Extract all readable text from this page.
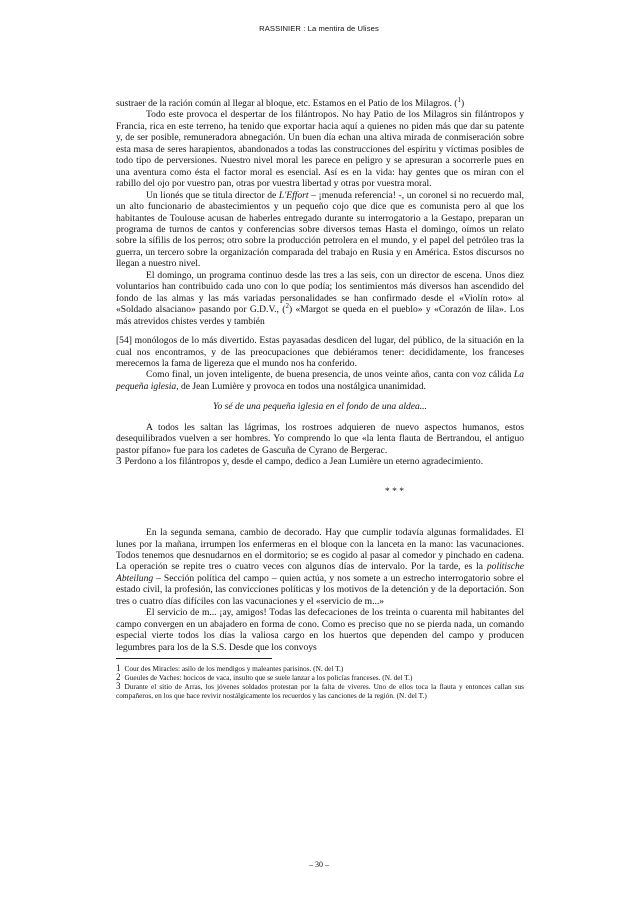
RASSINIER : La mentira de Ulises

sustraer de la ración común al llegar al bloque, etc. Estamos en el Patio de los Milagros. ($^1$)

Todo este provoca el despertar de los filántropos. No hay Patio de los Milagros sin filántropos y Francia, rica en este terreno, ha tenido que exportar hacia aquí a quienes no piden más que dar su patente y, de ser posible, remuneradora abnegación. Un buen día echan una altiva mirada de conmiseración sobre esta masa de seres harapientos, abandonados a todas las construcciones del espíritu y víctimas posibles de todo tipo de perversiones. Nuestro nivel moral les parece en peligro y se apresuran a socorrerle pues en una aventura como ésta el factor moral es esencial. Así es en la vida: hay gentes que os miran con el rabillo del ojo por vuestro pan, otras por vuestra libertad y otras por vuestra moral.

Un lionés que se titula director de L'Effort – ¡menuda referencia! -, un coronel si no recuerdo mal, un alto funcionario de abastecimientos y un pequeño cojo que dice que es comunista pero al que los habitantes de Toulouse acusan de haberles entregado durante su interrogatorio a la Gestapo, preparan un programa de turnos de cantos y conferencias sobre diversos temas Hasta el domingo, oímos un relato sobre la sífilis de los perros; otro sobre la producción petrolera en el mundo, y el papel del petróleo tras la guerra, un tercero sobre la organización comparada del trabajo en Rusia y en América. Estos discursos no llegan a nuestro nivel.

El domingo, un programa continuo desde las tres a las seis, con un director de escena. Unos diez voluntarios han contribuido cada uno con lo que podía; los sentimientos más diversos han ascendido del fondo de las almas y las más variadas personalidades se han confirmado desde el «Violín roto» al «Soldado alsaciano» pasando por G.D.V., ($^2$) «Margot se queda en el pueblo» y «Corazón de lila». Los más atrevidos chistes verdes y también

[54] monólogos de lo más divertido. Estas payasadas desdicen del lugar, del público, de la situación en la cual nos encontramos, y de las preocupaciones que debiéramos tener: decididamente, los franceses merecemos la fama de ligereza que el mundo nos ha conferido.

Como final, un joven inteligente, de buena presencia, de unos veinte años, canta con voz cálida La pequeña iglesia, de Jean Lumière y provoca en todos una nostálgica unanimidad.

Yo sé de una pequeña iglesia en el fondo de una aldea...

A todos les saltan las lágrimas, los rostroes adquieren de nuevo aspectos humanos, estos desequilibrados vuelven a ser hombres. Yo comprendo lo que «la lenta flauta de Bertrandou, el antiguo pastor pífano» fue para los cadetes de Gascuña de Cyrano de Bergerac.

3 Perdono a los filántropos y, desde el campo, dedico a Jean Lumière un eterno agradecimiento.

* * *

En la segunda semana, cambio de decorado. Hay que cumplir todavía algunas formalidades. El lunes por la mañana, irrumpen los enfermeras en el bloque con la lanceta en la mano: las vacunaciones. Todos tenemos que desnudarnos en el dormitorio; se es cogido al pasar al comedor y pinchado en cadena. La operación se repite tres o cuatro veces con algunos días de intervalo. Por la tarde, es la politische Abteilung – Sección política del campo – quien actúa, y nos somete a un estrecho interrogatorio sobre el estado civil, la profesión, las convicciones políticas y los motivos de la detención y de la deportación. Son tres o cuatro días difíciles con las vacunaciones y el «servicio de m...»

El servicio de m... ¡ay, amigos! Todas las defecaciones de los treinta o cuarenta mil habitantes del campo convergen en un abajadero en forma de cono. Como es preciso que no se pierda nada, un comando especial vierte todos los días la valiosa cargo en los huertos que dependen del campo y producen legumbres para los de la S.S. Desde que los convoys

1 Cour des Miracles: asilo de los mendigos y maleantes parisinos. (N. del T.)

2 Gueules de Vaches: hocicos de vaca, insulto que se suele lanzar a los policías franceses. (N. del T.)

3 Durante el sitio de Arras, los jóvenes soldados protestan por la falta de víveres. Uno de ellos toca la flauta y entonces callan sus compañeros, en los que hace revivir nostálgicamente los recuerdos y las canciones de la región. (N. del T.)

– 30 –
